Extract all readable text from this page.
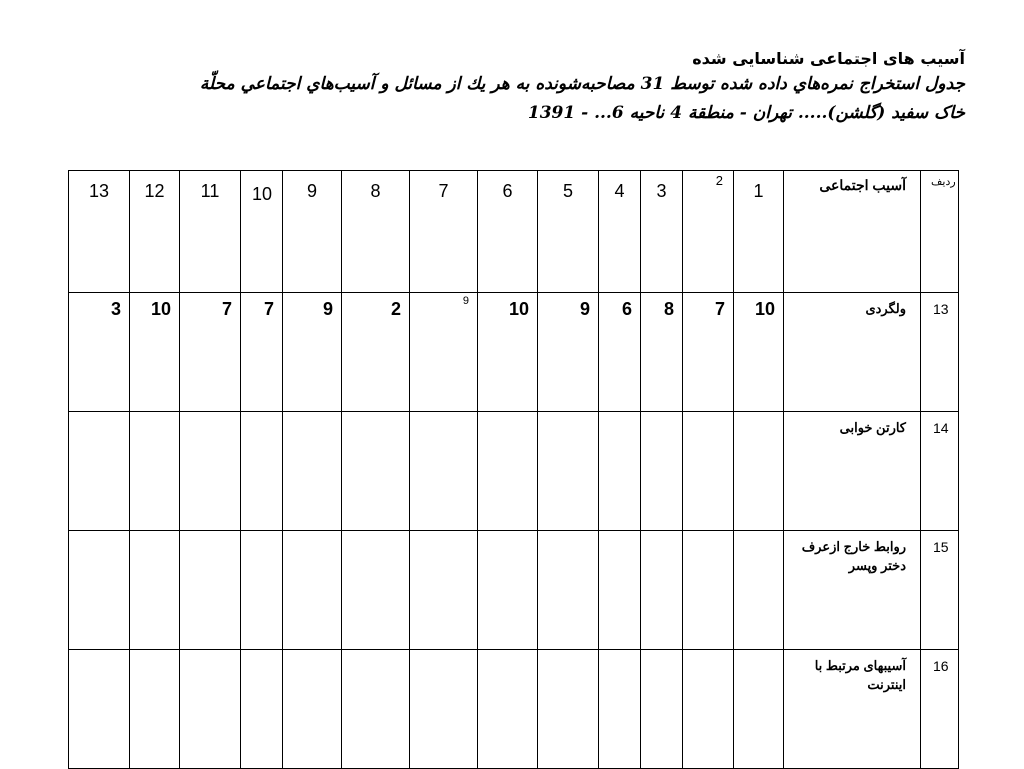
آسیب های اجتماعی شناسایی شده
جدول استخراج نمره‌هاي داده شده توسط 31 مصاحبه‌شونده به هر يك از مسائل و آسيب‌هاي اجتماعي محلّة
خاک سفید (گلشن)..... تهران - منطقة 4 ناحيه 6... - 1391
13	12	11	10	9	8	7	6	5	4	3	2	1	آسیب اجتماعی	ردیف
3	10	7	7	9	2	9	10	9	6	8	7	10	ولگردی	13
													کارتن خوابی	14
													روابط خارج ازعرف دختر وپسر	15
													آسیبهای مرتبط با اینترنت	16
